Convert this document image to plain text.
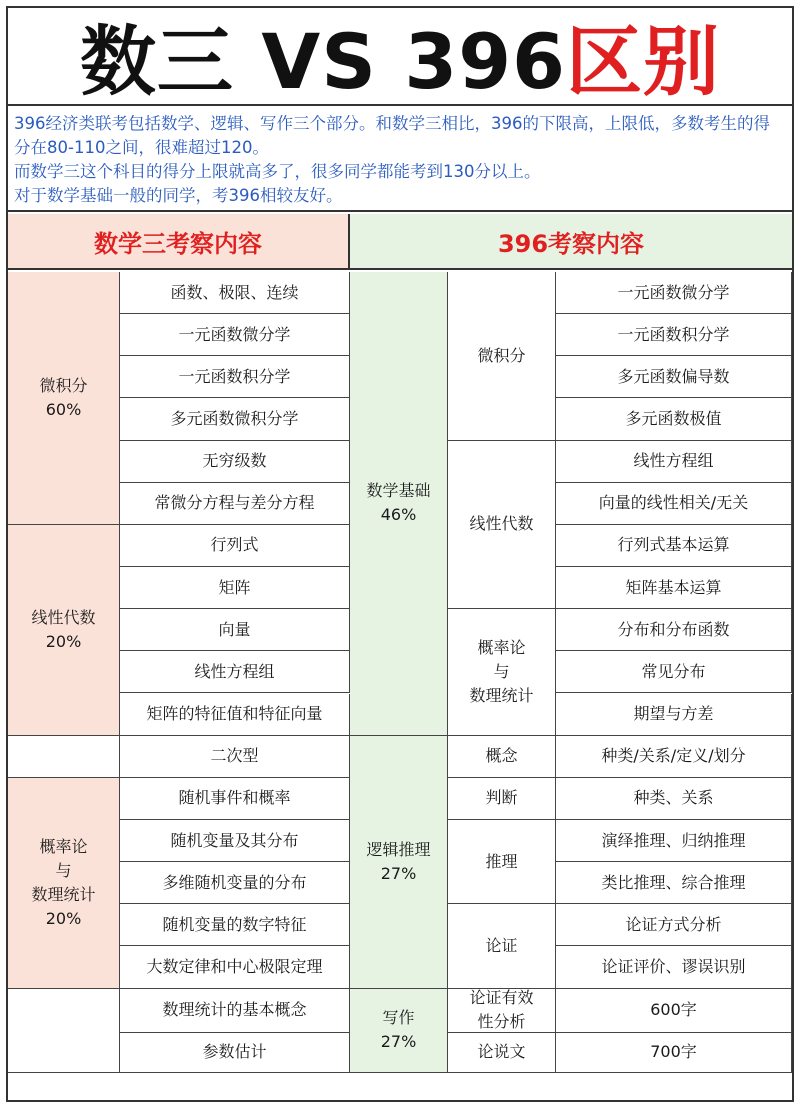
数三 VS 396 区别

396经济类联考包括数学、逻辑、写作三个部分。和数学三相比，396的下限高，上限低，多数考生的得分在80-110之间，很难超过120。

而数学三这个科目的得分上限就高多了，很多同学都能考到130分以上。

对于数学基础一般的同学，考396相较友好。

数学三考察内容	396考察内容
微积分
60%
线性代数
20%
概率论
与
数理统计
20%
函数、极限、连续
一元函数微分学
一元函数积分学
多元函数微积分学
无穷级数
常微分方程与差分方程
行列式
矩阵
向量
线性方程组
矩阵的特征值和特征向量
二次型
随机事件和概率
随机变量及其分布
多维随机变量的分布
随机变量的数字特征
大数定律和中心极限定理
数理统计的基本概念
参数估计
数学基础
46%
逻辑推理
27%
写作
27%
微积分
线性代数
概率论
与
数理统计
概念
判断
推理
论证
论证有效
性分析
论说文
一元函数微分学
一元函数积分学
多元函数偏导数
多元函数极值
线性方程组
向量的线性相关/无关
行列式基本运算
矩阵基本运算
分布和分布函数
常见分布
期望与方差
种类/关系/定义/划分
种类、关系
演绎推理、归纳推理
类比推理、综合推理
论证方式分析
论证评价、谬误识别
600字
700字
